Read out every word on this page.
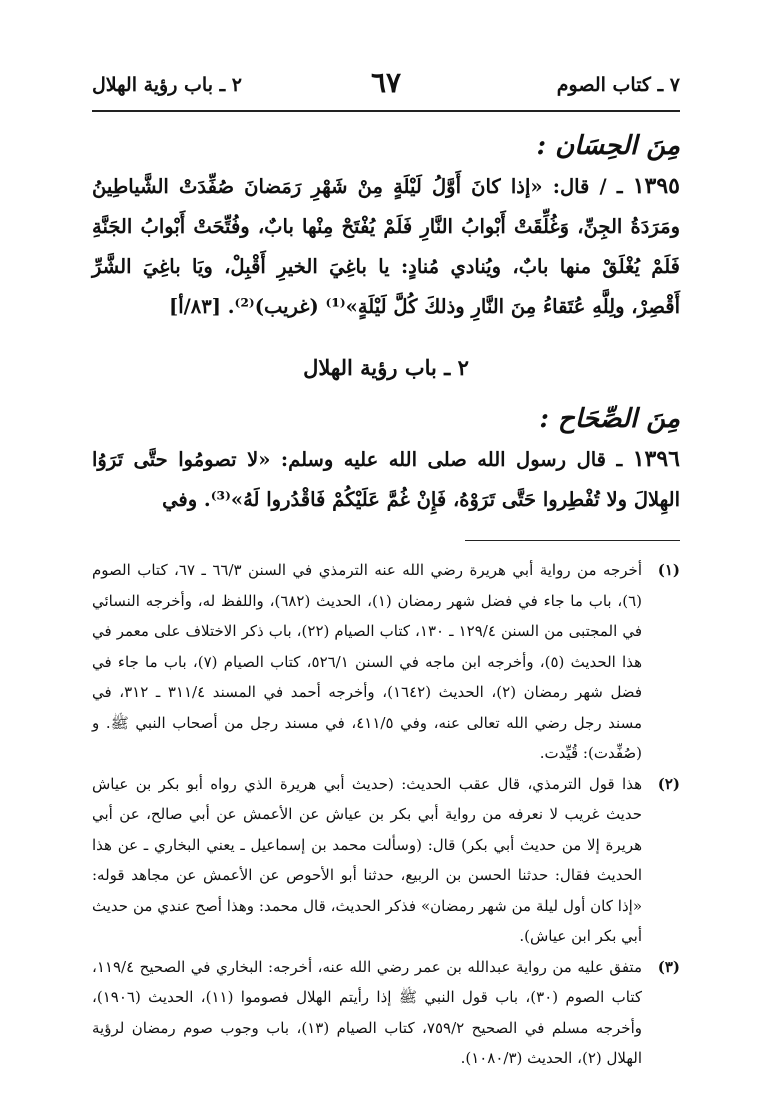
٧ ـ كتاب الصوم
٦٧
٢ ـ باب رؤية الهلال
مِنَ الحِسَان :

١٣٩٥ ـ / قال: «إذا كانَ أَوَّلُ لَيْلَةٍ مِنْ شَهْرِ رَمَضانَ صُفِّدَتْ الشَّياطِينُ ومَرَدَةُ الجِنِّ، وَغُلِّقَتْ أَبْوابُ النَّارِ فَلَمْ يُفْتَحْ مِنْها بابٌ، وفُتِّحَتْ أَبْوابُ الجَنَّةِ فَلَمْ يُغْلَقْ منها بابٌ، ويُنادي مُنادٍ: يا باغِيَ الخيرِ أَقْبِلْ، ويَا باغِيَ الشَّرِّ أَقْصِرْ، ولِلَّهِ عُتَقاءُ مِنَ النَّارِ وذلكَ كُلَّ لَيْلَةٍ»⁽¹⁾ (غريب)⁽²⁾. [٨٣/أ]

٢ ـ باب رؤية الهلال
مِنَ الصِّحَاح :

١٣٩٦ ـ قال رسول الله صلى الله عليه وسلم: «لا تصومُوا حتَّى تَرَوُا الهِلالَ ولا تُفْطِروا حَتَّى تَرَوْهُ، فَإِنْ غُمَّ عَلَيْكُمْ فَاقْدُروا لَهُ»⁽³⁾. وفي

(١)
أخرجه من رواية أبي هريرة رضي الله عنه الترمذي في السنن ٦٦/٣ ـ ٦٧، كتاب الصوم (٦)، باب ما جاء في فضل شهر رمضان (١)، الحديث (٦٨٢)، واللفظ له، وأخرجه النسائي في المجتبى من السنن ١٢٩/٤ ـ ١٣٠، كتاب الصيام (٢٢)، باب ذكر الاختلاف على معمر في هذا الحديث (٥)، وأخرجه ابن ماجه في السنن ٥٢٦/١، كتاب الصيام (٧)، باب ما جاء في فضل شهر رمضان (٢)، الحديث (١٦٤٢)، وأخرجه أحمد في المسند ٣١١/٤ ـ ٣١٢، في مسند رجل رضي الله تعالى عنه، وفي ٤١١/٥، في مسند رجل من أصحاب النبي ﷺ. و (صُفِّدت): قُيِّدت.
(٢)
هذا قول الترمذي، قال عقب الحديث: (حديث أبي هريرة الذي رواه أبو بكر بن عياش حديث غريب لا نعرفه من رواية أبي بكر بن عياش عن الأعمش عن أبي صالح، عن أبي هريرة إلا من حديث أبي بكر) قال: (وسألت محمد بن إسماعيل ـ يعني البخاري ـ عن هذا الحديث فقال: حدثنا الحسن بن الربيع، حدثنا أبو الأحوص عن الأعمش عن مجاهد قوله: «إذا كان أول ليلة من شهر رمضان» فذكر الحديث، قال محمد: وهذا أصح عندي من حديث أبي بكر ابن عياش).
(٣)
متفق عليه من رواية عبدالله بن عمر رضي الله عنه، أخرجه: البخاري في الصحيح ١١٩/٤، كتاب الصوم (٣٠)، باب قول النبي ﷺ إذا رأيتم الهلال فصوموا (١١)، الحديث (١٩٠٦)، وأخرجه مسلم في الصحيح ٧٥٩/٢، كتاب الصيام (١٣)، باب وجوب صوم رمضان لرؤية الهلال (٢)، الحديث (١٠٨٠/٣).
